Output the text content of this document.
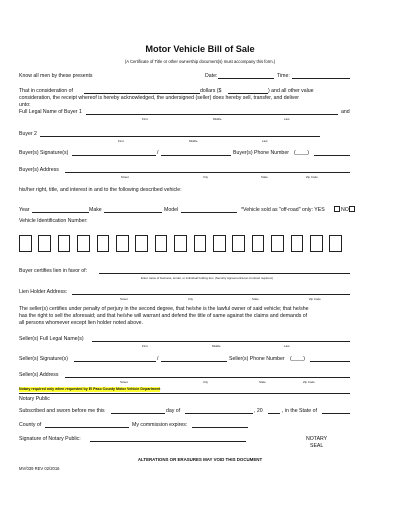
Motor Vehicle Bill of Sale
(A Certificate of Title or other ownership document(s) must accompany this form.)
Know all men by these presents	Date:	Time:
That in consideration of	dollars ($	) and all other value
consideration, the receipt whereof is hereby acknowledged, the undersigned (seller) does hereby sell, transfer, and deliver
unto:
Full Legal Name of Buyer 1	and
First	Middle	Last
Buyer 2
First	Middle	Last
Buyer(s) Signature(s)	/	Buyer(s) Phone Number (____)
Buyer(s) Address
Street	City	State	Zip Code
his/her right, title, and interest in and to the following described vehicle:
Year	Make	Model	*Vehicle sold as "off-road" only: YES	NO
Vehicle Identification Number:
Buyer certifies lien in favor of:
Enter name of business, lender, or individual holding lien. (Security Agreement/Loan Contract required.)
Lien Holder Address:
Street	City	State	Zip Code
The seller(s) certifies under penalty of perjury in the second degree, that he/she is the lawful owner of said vehicle; that he/she
has the right to sell the aforesaid; and that he/she will warrant and defend the title of same against the claims and demands of
all persons whomever except lien holder noted above.
Seller(s) Full Legal Name(s)
First	Middle	Last
Seller(s) Signature(s)	/	Seller(s) Phone Number (____)
Seller(s) Address
Street	City	State	Zip Code
Notary required only when requested by El Paso County Motor Vehicle Department
Notary Public
Subscribed and sworn before me this	day of	, 20	, in the State of
County of	My commission expires:
Signature of Notary Public:	NOTARY
SEAL
ALTERATIONS OR ERASURES MAY VOID THIS DOCUMENT
MV/039 REV 02/2016
